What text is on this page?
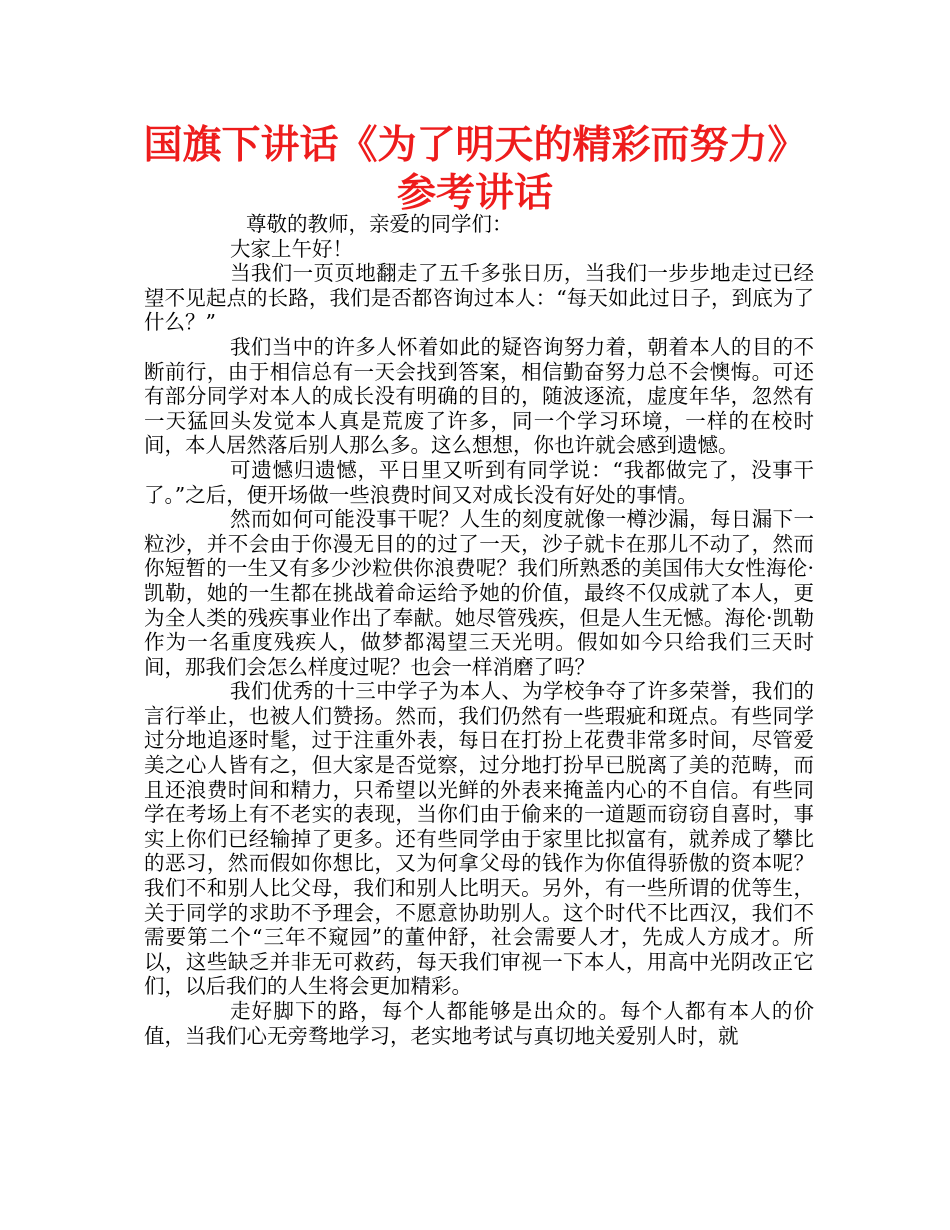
国旗下讲话《为了明天的精彩而努力》参考讲话

尊敬的教师，亲爱的同学们：

大家上午好！

当我们一页页地翻走了五千多张日历，当我们一步步地走过已经望不见起点的长路，我们是否都咨询过本人：“每天如此过日子，到底为了什么？”

我们当中的许多人怀着如此的疑咨询努力着，朝着本人的目的不断前行，由于相信总有一天会找到答案，相信勤奋努力总不会懊悔。可还有部分同学对本人的成长没有明确的目的，随波逐流，虚度年华，忽然有一天猛回头发觉本人真是荒废了许多，同一个学习环境，一样的在校时间，本人居然落后别人那么多。这么想想，你也许就会感到遗憾。

可遗憾归遗憾，平日里又听到有同学说：“我都做完了，没事干了。”之后，便开场做一些浪费时间又对成长没有好处的事情。

然而如何可能没事干呢？人生的刻度就像一樽沙漏，每日漏下一粒沙，并不会由于你漫无目的的过了一天，沙子就卡在那儿不动了，然而你短暂的一生又有多少沙粒供你浪费呢？我们所熟悉的美国伟大女性海伦·凯勒，她的一生都在挑战着命运给予她的价值，最终不仅成就了本人，更为全人类的残疾事业作出了奉献。她尽管残疾，但是人生无憾。海伦·凯勒作为一名重度残疾人，做梦都渴望三天光明。假如如今只给我们三天时间，那我们会怎么样度过呢？也会一样消磨了吗？

我们优秀的十三中学子为本人、为学校争夺了许多荣誉，我们的言行举止，也被人们赞扬。然而，我们仍然有一些瑕疵和斑点。有些同学过分地追逐时髦，过于注重外表，每日在打扮上花费非常多时间，尽管爱美之心人皆有之，但大家是否觉察，过分地打扮早已脱离了美的范畴，而且还浪费时间和精力，只希望以光鲜的外表来掩盖内心的不自信。有些同学在考场上有不老实的表现，当你们由于偷来的一道题而窃窃自喜时，事实上你们已经输掉了更多。还有些同学由于家里比拟富有，就养成了攀比的恶习，然而假如你想比，又为何拿父母的钱作为你值得骄傲的资本呢？我们不和别人比父母，我们和别人比明天。另外，有一些所谓的优等生，关于同学的求助不予理会，不愿意协助别人。这个时代不比西汉，我们不需要第二个“三年不窥园”的董仲舒，社会需要人才，先成人方成才。所以，这些缺乏并非无可救药，每天我们审视一下本人，用高中光阴改正它们，以后我们的人生将会更加精彩。

走好脚下的路，每个人都能够是出众的。每个人都有本人的价值，当我们心无旁骛地学习，老实地考试与真切地关爱别人时，就
